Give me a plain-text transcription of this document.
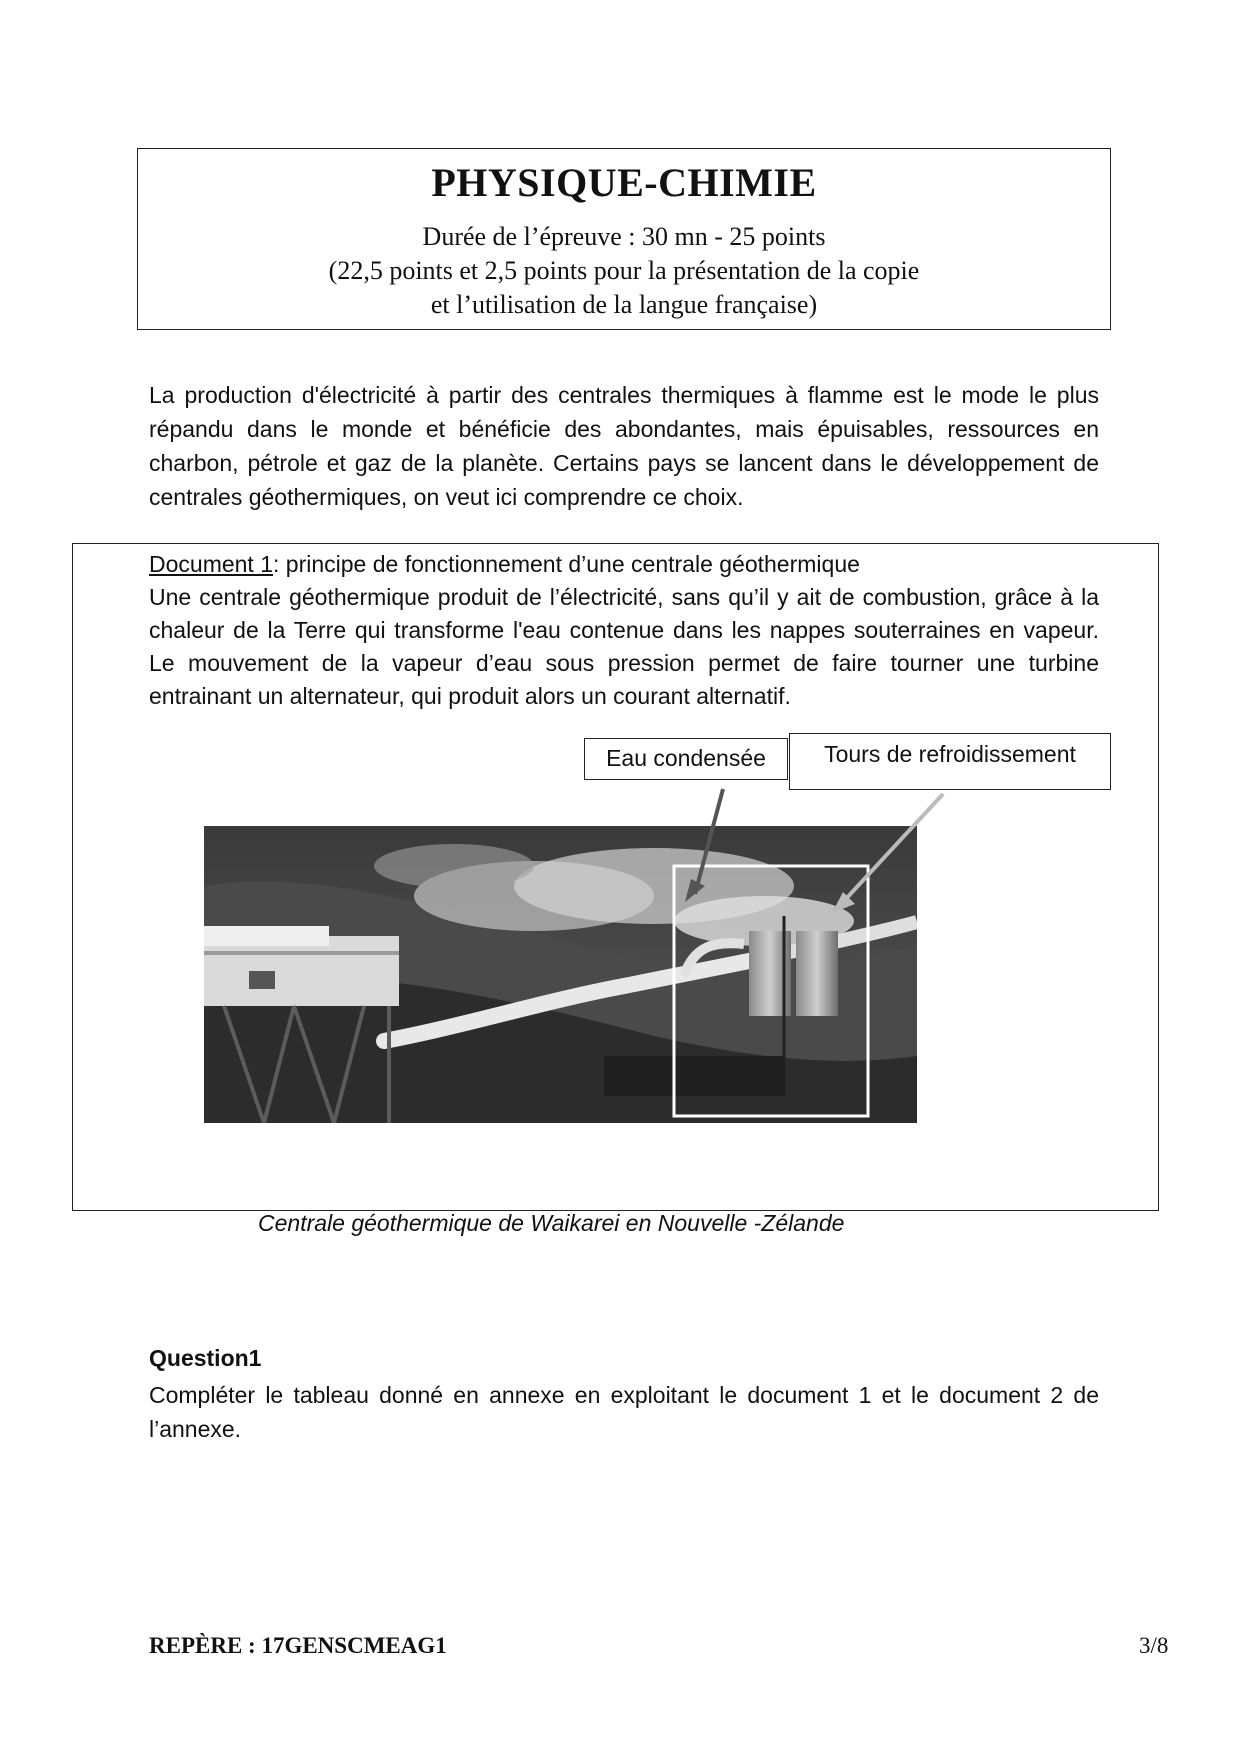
PHYSIQUE-CHIMIE
Durée de l’épreuve : 30 mn - 25 points
(22,5 points et 2,5 points pour la présentation de la copie
et l’utilisation de la langue française)

La production d'électricité à partir des centrales thermiques à flamme est le mode le plus répandu dans le monde et bénéficie des abondantes, mais épuisables, ressources en charbon, pétrole et gaz de la planète. Certains pays se lancent dans le développement de centrales géothermiques, on veut ici comprendre ce choix.

Document 1: principe de fonctionnement d’une centrale géothermique
Une centrale géothermique produit de l’électricité, sans qu’il y ait de combustion, grâce à la chaleur de la Terre qui transforme l'eau contenue dans les nappes souterraines en vapeur. Le mouvement de la vapeur d’eau sous pression permet de faire tourner une turbine entrainant un alternateur, qui produit alors un courant alternatif.

Eau condensée	Tours de refroidissement
Centrale géothermique de Waikarei en Nouvelle -Zélande
Question1

Compléter le tableau donné en annexe en exploitant le document 1 et le document 2 de l’annexe.

REPÈRE : 17GENSCMEAG1	3/8
